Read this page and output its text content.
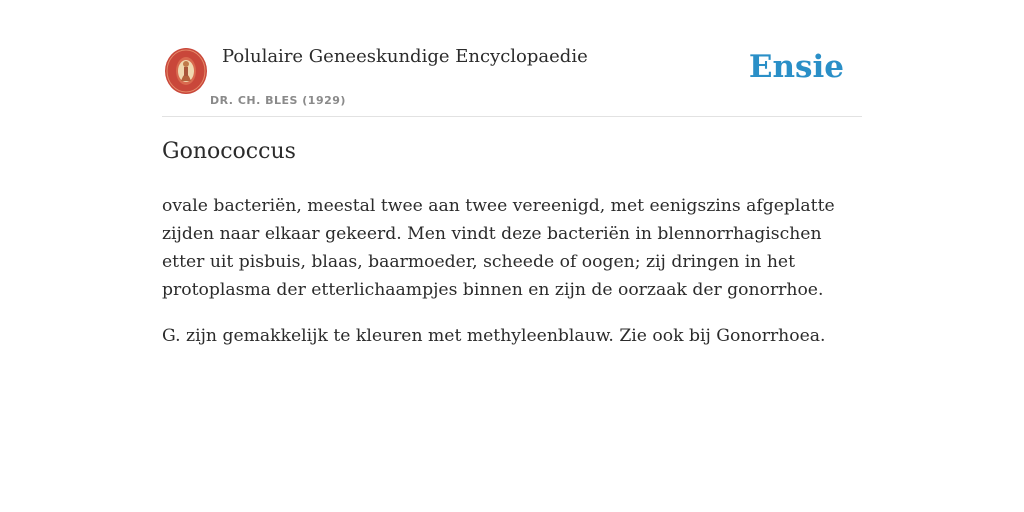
Polulaire Geneeskundige Encyclopaedie
DR. CH. BLES (1929)
Ensie
Gonococcus

ovale bacteriën, meestal twee aan twee vereenigd, met eenigszins afgeplatte zijden naar elkaar gekeerd. Men vindt deze bacteriën in blennorrhagischen etter uit pisbuis, blaas, baarmoeder, scheede of oogen; zij dringen in het protoplasma der etterlichaampjes binnen en zijn de oorzaak der gonorrhoe.

G. zijn gemakkelijk te kleuren met methyleenblauw. Zie ook bij Gonorrhoea.
